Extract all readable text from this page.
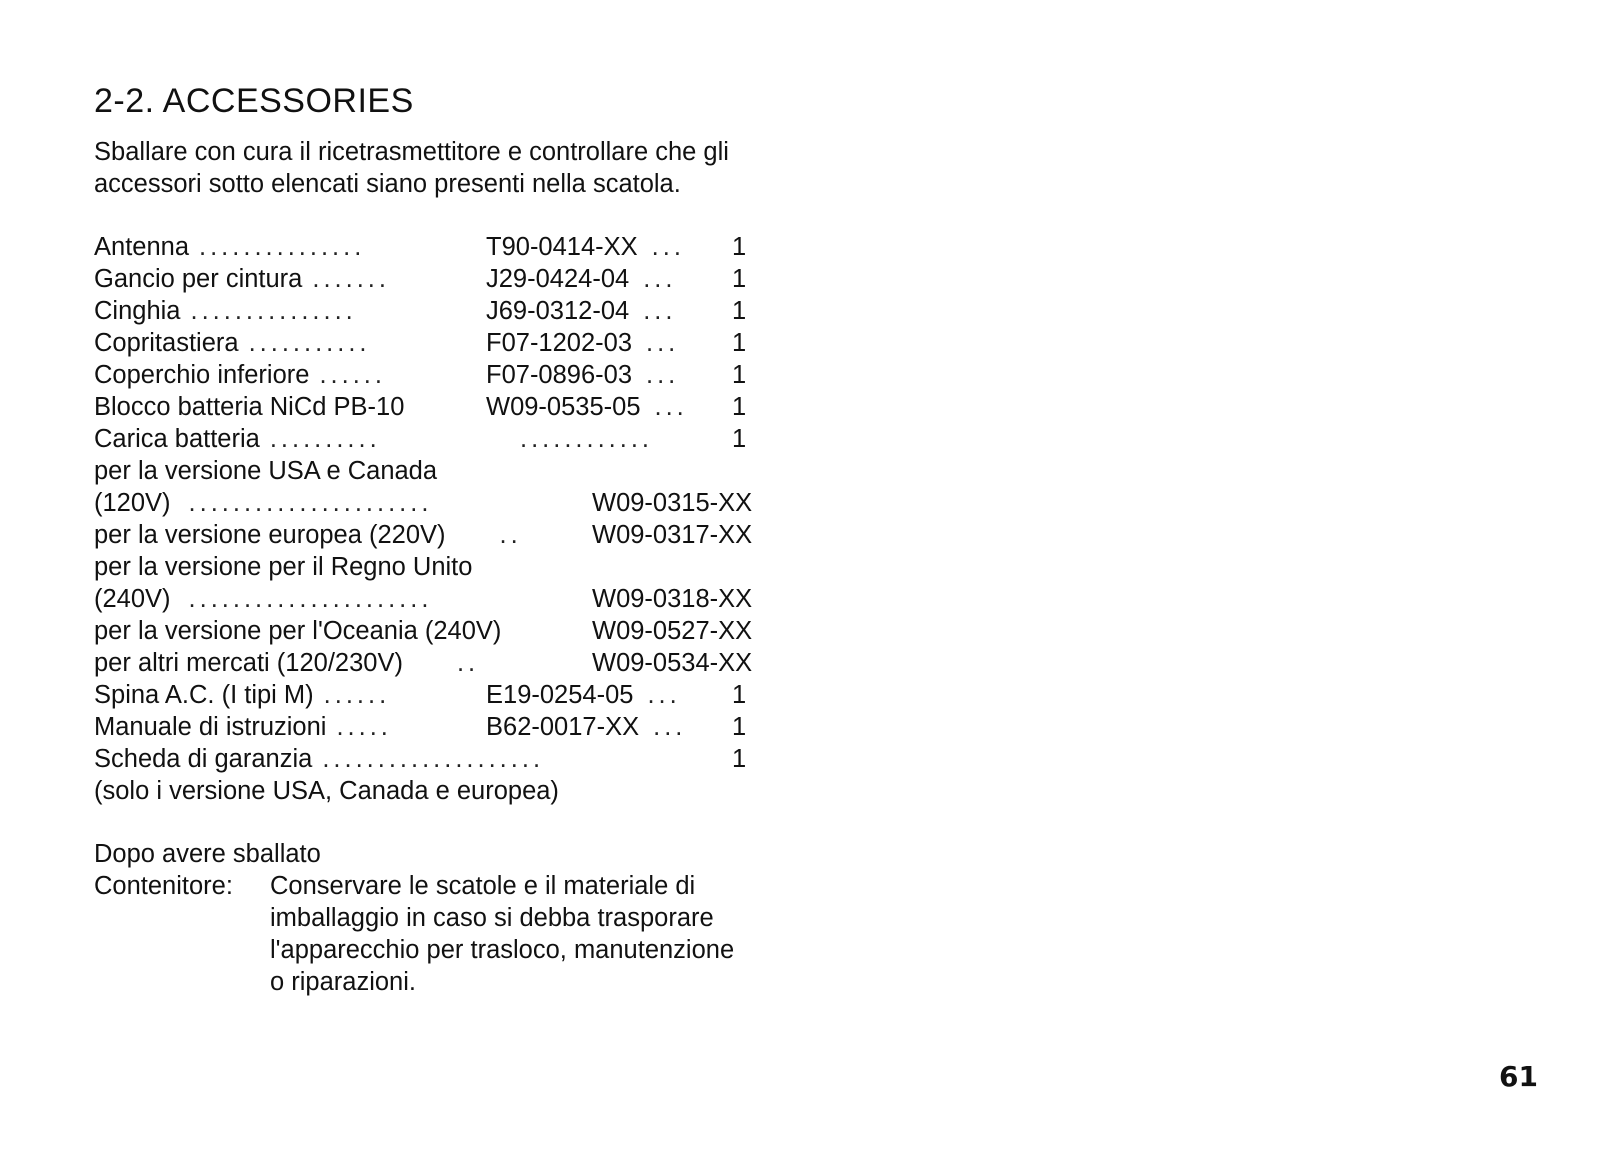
2-2. ACCESSORIES
Sballare con cura il ricetrasmettitore e controllare che gli
accessori sotto elencati siano presenti nella scatola.
Antenna ...............	T90-0414-XX ... 1
Gancio per cintura .......	J29-0424-04 ... 1
Cinghia ...............	J69-0312-04 ... 1
Copritastiera ...........	F07-1202-03 ... 1
Coperchio inferiore ......	F07-0896-03 ... 1
Blocco batteria NiCd PB-10	W09-0535-05 ... 1
Carica batteria ..........	............	1
per la versione USA e Canada
(120V) ......................	W09-0315-XX
per la versione europea (220V) ..	W09-0317-XX
per la versione per il Regno Unito
(240V) ......................	W09-0318-XX
per la versione per l'Oceania (240V)	W09-0527-XX
per altri mercati (120/230V) ..	W09-0534-XX
Spina A.C. (I tipi M) ......	E19-0254-05 ... 1
Manuale di istruzioni .....	B62-0017-XX ... 1
Scheda di garanzia ....................	1
(solo i versione USA, Canada e europea)
Dopo avere sballato
Contenitore: Conservare le scatole e il materiale di
imballaggio in caso si debba trasporare
l'apparecchio per trasloco, manutenzione
o riparazioni.
61
